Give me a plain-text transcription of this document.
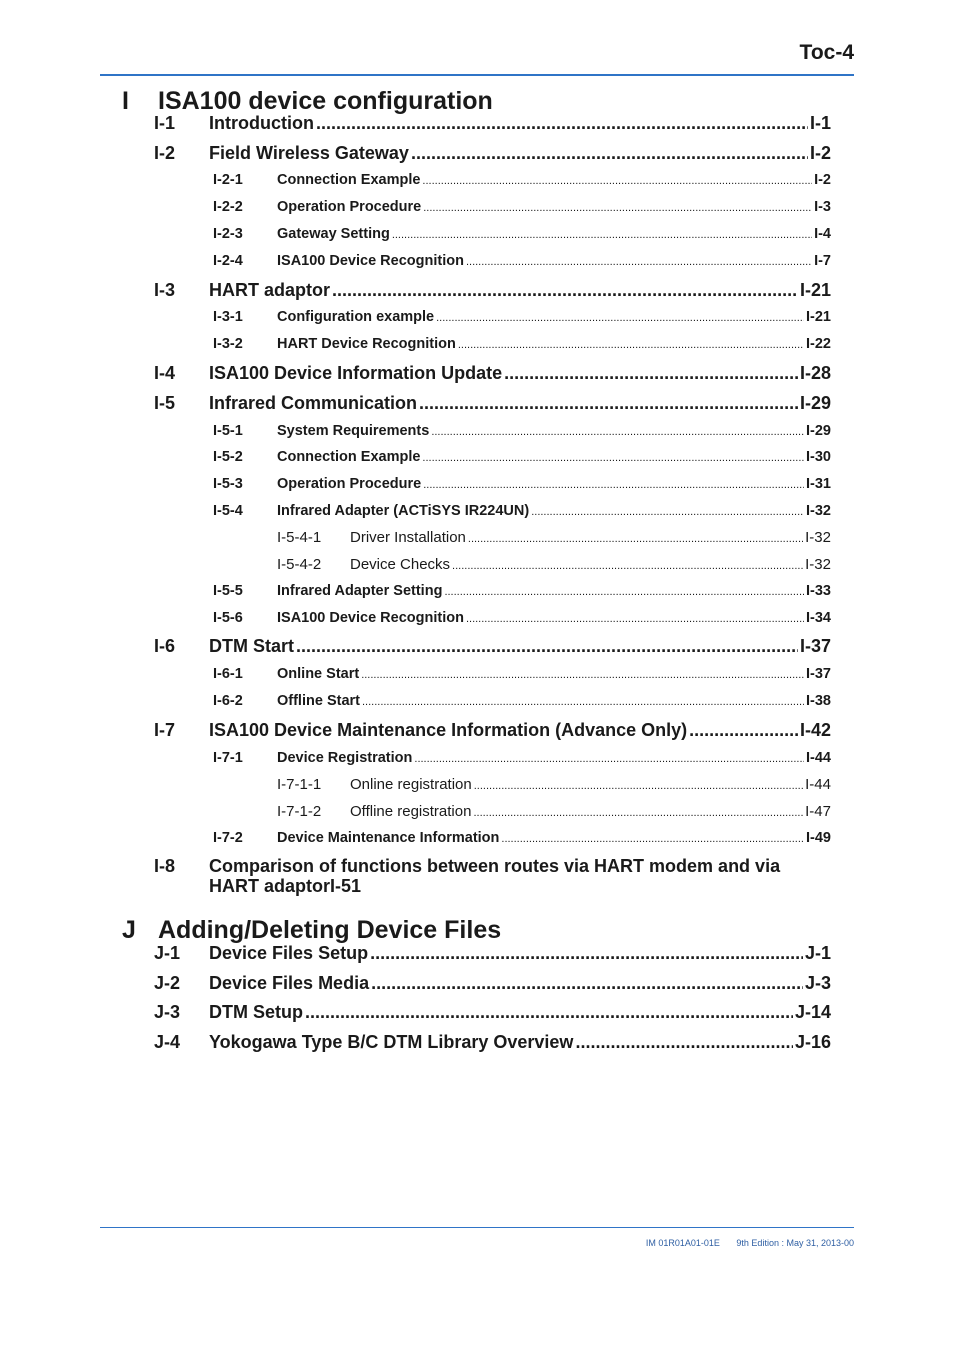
Toc-4
I ISA100 device configuration
I-1 Introduction .....	I-1
I-2 Field Wireless Gateway .....	I-2
I-2-1 Connection Example .....	I-2
I-2-2 Operation Procedure .....	I-3
I-2-3 Gateway Setting .....	I-4
I-2-4 ISA100 Device Recognition .....	I-7
I-3 HART adaptor .....	I-21
I-3-1 Configuration example .....	I-21
I-3-2 HART Device Recognition .....	I-22
I-4 ISA100 Device Information Update .....	I-28
I-5 Infrared Communication .....	I-29
I-5-1 System Requirements .....	I-29
I-5-2 Connection Example .....	I-30
I-5-3 Operation Procedure .....	I-31
I-5-4 Infrared Adapter (ACTiSYS IR224UN) .....	I-32
I-5-4-1 Driver Installation .....	I-32
I-5-4-2 Device Checks .....	I-32
I-5-5 Infrared Adapter Setting .....	I-33
I-5-6 ISA100 Device Recognition .....	I-34
I-6 DTM Start .....	I-37
I-6-1 Online Start .....	I-37
I-6-2 Offline Start .....	I-38
I-7 ISA100 Device Maintenance Information (Advance Only) .....	I-42
I-7-1 Device Registration .....	I-44
I-7-1-1 Online registration .....	I-44
I-7-1-2 Offline registration .....	I-47
I-7-2 Device Maintenance Information .....	I-49
I-8 Comparison of functions between routes via HART modem and via
HART adaptor I-51
J Adding/Deleting Device Files
J-1 Device Files Setup .....	J-1
J-2 Device Files Media .....	J-3
J-3 DTM Setup .....	J-14
J-4 Yokogawa Type B/C DTM Library Overview .....	J-16
IM 01R01A01-01E 9th Edition : May 31, 2013-00
